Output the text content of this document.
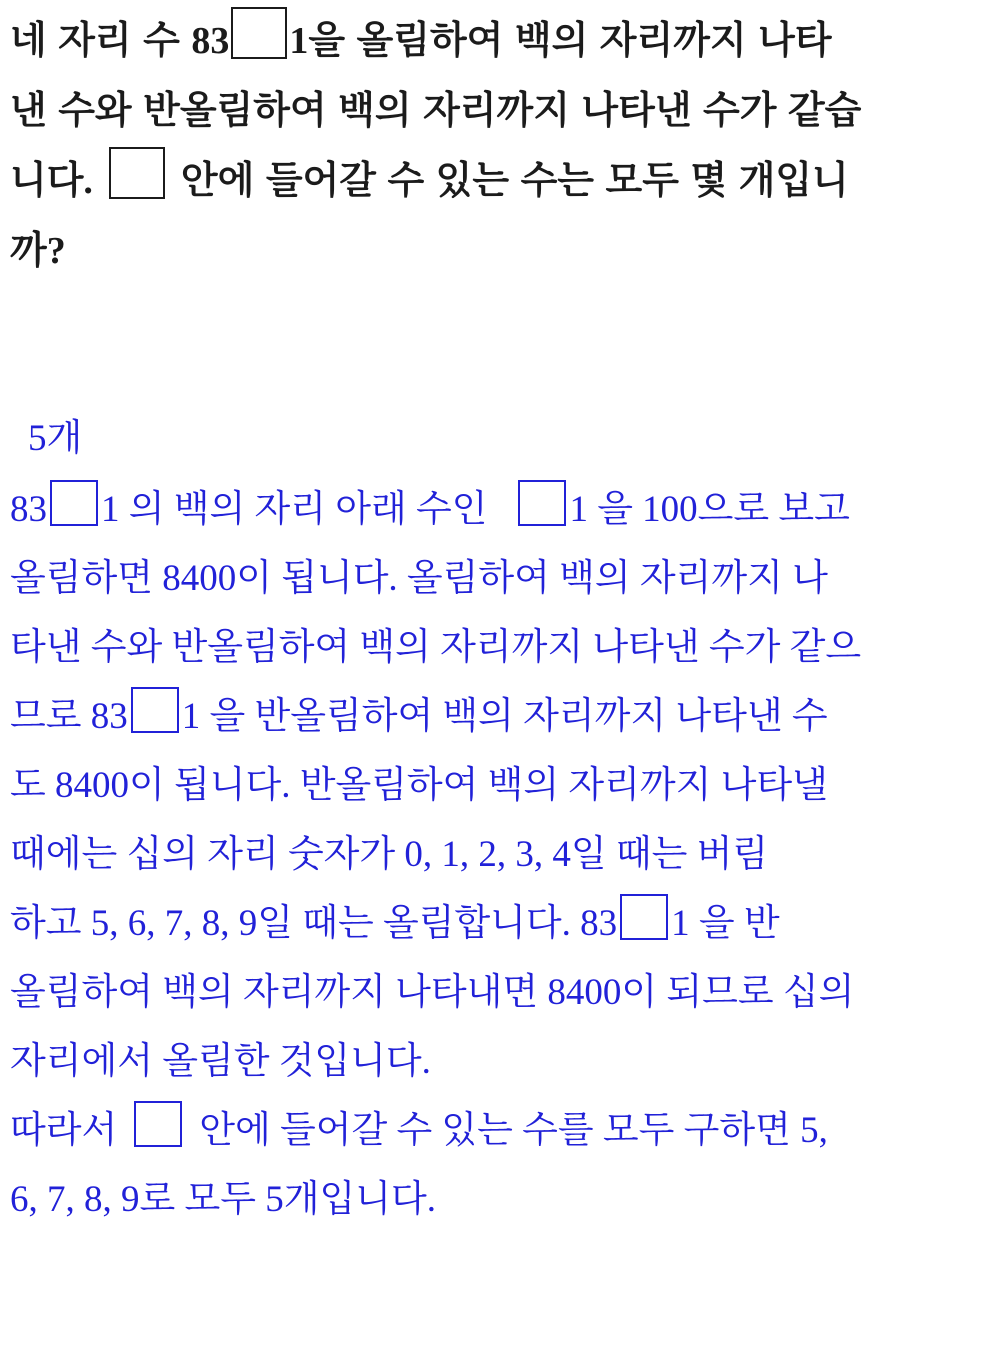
네 자리 수 83 1을 올림하여 백의 자리까지 나타
낸 수와 반올림하여 백의 자리까지 나타낸 수가 같습
니다. 안에 들어갈 수 있는 수는 모두 몇 개입니
까?
5개
83 1 의 백의 자리 아래 수인 1 을 100으로 보고
올림하면 8400이 됩니다. 올림하여 백의 자리까지 나
타낸 수와 반올림하여 백의 자리까지 나타낸 수가 같으
므로 83 1 을 반올림하여 백의 자리까지 나타낸 수
도 8400이 됩니다. 반올림하여 백의 자리까지 나타낼
때에는 십의 자리 숫자가 0, 1, 2, 3, 4일 때는 버림
하고 5, 6, 7, 8, 9일 때는 올림합니다. 83 1 을 반
올림하여 백의 자리까지 나타내면 8400이 되므로 십의
자리에서 올림한 것입니다.
따라서 안에 들어갈 수 있는 수를 모두 구하면 5,
6, 7, 8, 9로 모두 5개입니다.
